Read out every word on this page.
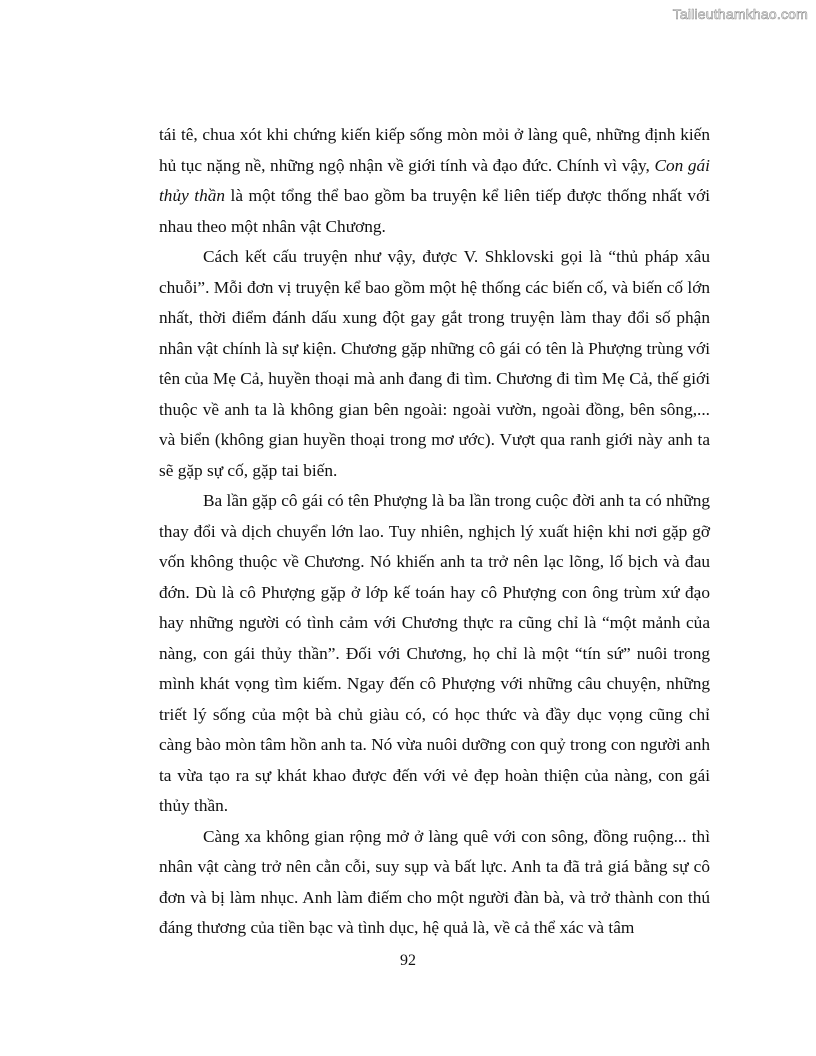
Tailieuthamkhao.com

tái tê, chua xót khi chứng kiến kiếp sống mòn mỏi ở làng quê, những định kiến hủ tục nặng nề, những ngộ nhận về giới tính và đạo đức. Chính vì vậy, Con gái thủy thần là một tổng thể bao gồm ba truyện kể liên tiếp được thống nhất với nhau theo một nhân vật Chương.

Cách kết cấu truyện như vậy, được V. Shklovski gọi là “thủ pháp xâu chuỗi”. Mỗi đơn vị truyện kể bao gồm một hệ thống các biến cố, và biến cố lớn nhất, thời điểm đánh dấu xung đột gay gắt trong truyện làm thay đổi số phận nhân vật chính là sự kiện. Chương gặp những cô gái có tên là Phượng trùng với tên của Mẹ Cả, huyền thoại mà anh đang đi tìm. Chương đi tìm Mẹ Cả, thế giới thuộc về anh ta là không gian bên ngoài: ngoài vườn, ngoài đồng, bên sông,... và biển (không gian huyền thoại trong mơ ước). Vượt qua ranh giới này anh ta sẽ gặp sự cố, gặp tai biến.

Ba lần gặp cô gái có tên Phượng là ba lần trong cuộc đời anh ta có những thay đổi và dịch chuyển lớn lao. Tuy nhiên, nghịch lý xuất hiện khi nơi gặp gỡ vốn không thuộc về Chương. Nó khiến anh ta trở nên lạc lõng, lố bịch và đau đớn. Dù là cô Phượng gặp ở lớp kế toán hay cô Phượng con ông trùm xứ đạo hay những người có tình cảm với Chương thực ra cũng chỉ là “một mảnh của nàng, con gái thủy thần”. Đối với Chương, họ chỉ là một “tín sứ” nuôi trong mình khát vọng tìm kiếm. Ngay đến cô Phượng với những câu chuyện, những triết lý sống của một bà chủ giàu có, có học thức và đầy dục vọng cũng chỉ càng bào mòn tâm hồn anh ta. Nó vừa nuôi dưỡng con quỷ trong con người anh ta vừa tạo ra sự khát khao được đến với vẻ đẹp hoàn thiện của nàng, con gái thủy thần.

Càng xa không gian rộng mở ở làng quê với con sông, đồng ruộng... thì nhân vật càng trở nên cằn cỗi, suy sụp và bất lực. Anh ta đã trả giá bằng sự cô đơn và bị làm nhục. Anh làm điếm cho một người đàn bà, và trở thành con thú đáng thương của tiền bạc và tình dục, hệ quả là, về cả thể xác và tâm

92
